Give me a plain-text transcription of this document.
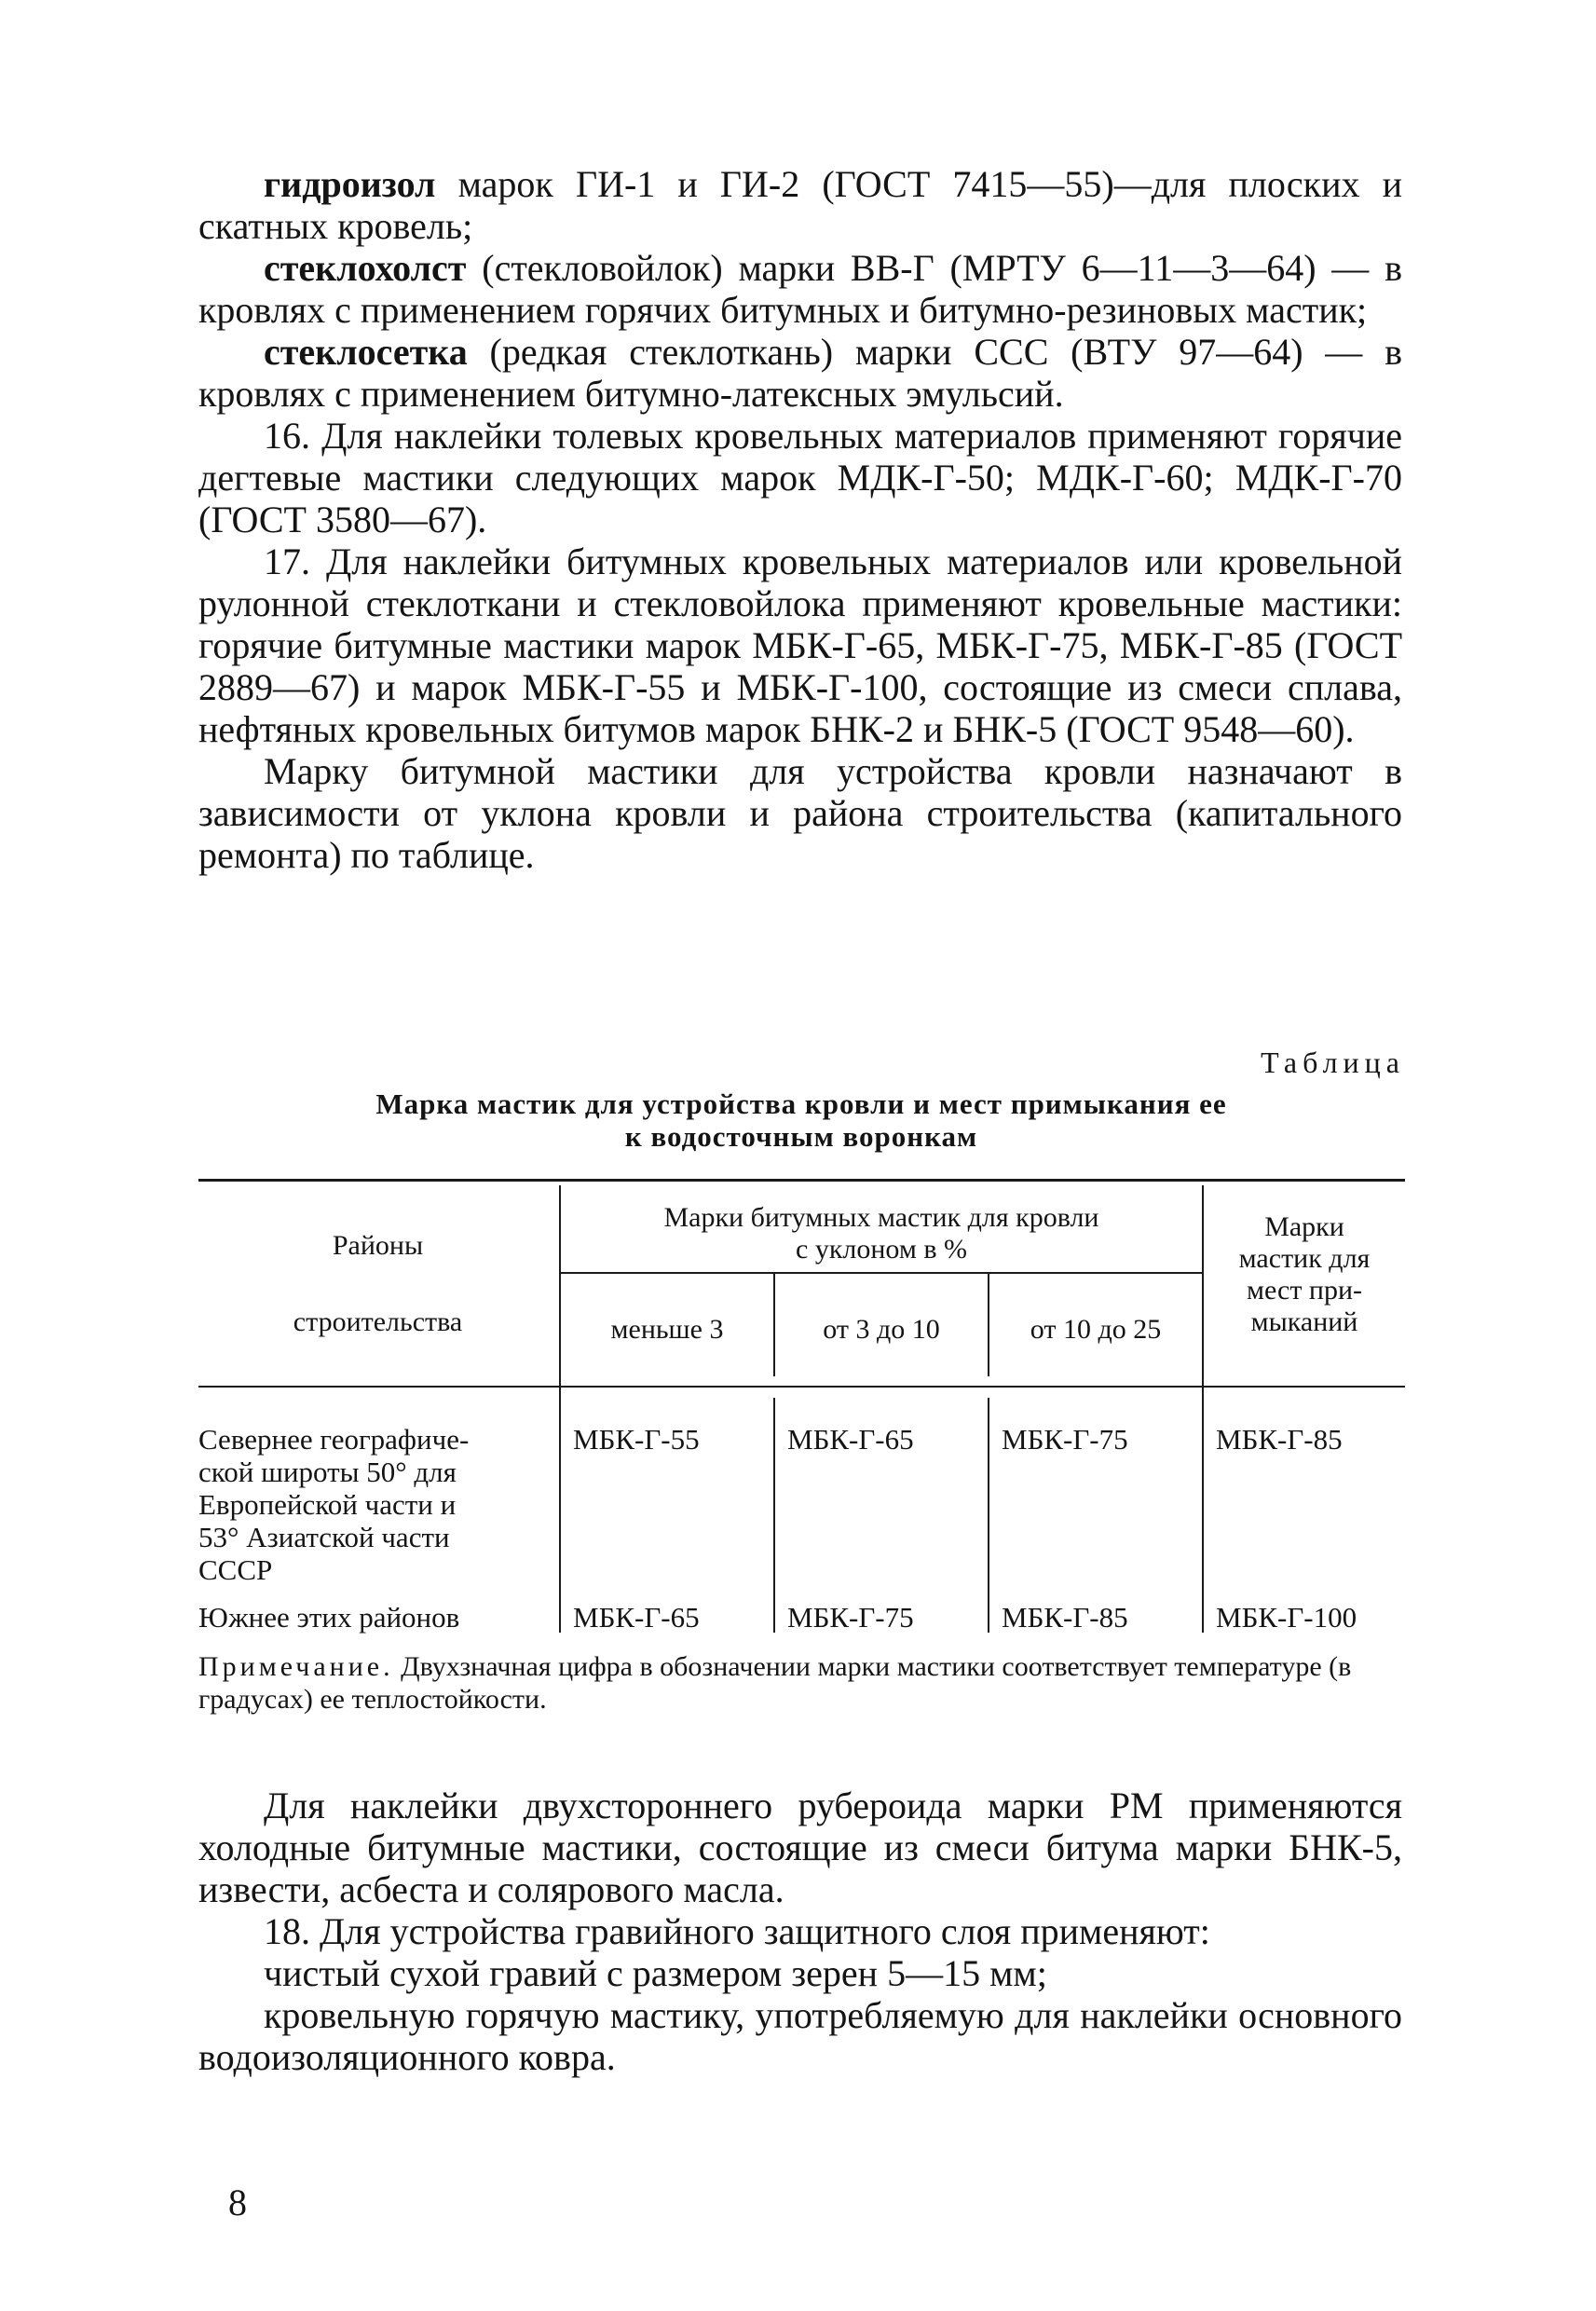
гидроизол марок ГИ-1 и ГИ-2 (ГОСТ 7415—55)—для плоских и скатных кровель;

стеклохолст (стекловойлок) марки ВВ-Г (МРТУ 6—11—3—64) — в кровлях с применением горячих битумных и битумно-резиновых мастик;

стеклосетка (редкая стеклоткань) марки ССС (ВТУ 97—64) — в кровлях с применением битумно-латексных эмульсий.

16. Для наклейки толевых кровельных материалов применяют горячие дегтевые мастики следующих марок МДК-Г-50; МДК-Г-60; МДК-Г-70 (ГОСТ 3580—67).

17. Для наклейки битумных кровельных материалов или кровельной рулонной стеклоткани и стекловойлока применяют кровельные мастики: горячие битумные мастики марок МБК-Г-65, МБК-Г-75, МБК-Г-85 (ГОСТ 2889—67) и марок МБК-Г-55 и МБК-Г-100, состоящие из смеси сплава, нефтяных кровельных битумов марок БНК-2 и БНК-5 (ГОСТ 9548—60).

Марку битумной мастики для устройства кровли назначают в зависимости от уклона кровли и района строительства (капитального ремонта) по таблице.

Таблица
Марка мастик для устройства кровли и мест примыкания ее
к водосточным воронкам
Районы
строительства
Марки битумных мастик для кровли
с уклоном в %
меньше 3	от 3 до 10	от 10 до 25
Марки
мастик для
мест при-
мыканий
Севернее географиче-
ской широты 50° для
Европейской части и
53° Азиатской части
СССР
МБК-Г-55	МБК-Г-65	МБК-Г-75	МБК-Г-85
Южнее этих районов	МБК-Г-65	МБК-Г-75	МБК-Г-85	МБК-Г-100

Примечание. Двухзначная цифра в обозначении марки мастики соответствует температуре (в градусах) ее теплостойкости.

Для наклейки двухстороннего рубероида марки РМ применяются холодные битумные мастики, состоящие из смеси битума марки БНК-5, извести, асбеста и солярового масла.

18. Для устройства гравийного защитного слоя применяют:

чистый сухой гравий с размером зерен 5—15 мм;

кровельную горячую мастику, употребляемую для наклейки основного водоизоляционного ковра.

8
